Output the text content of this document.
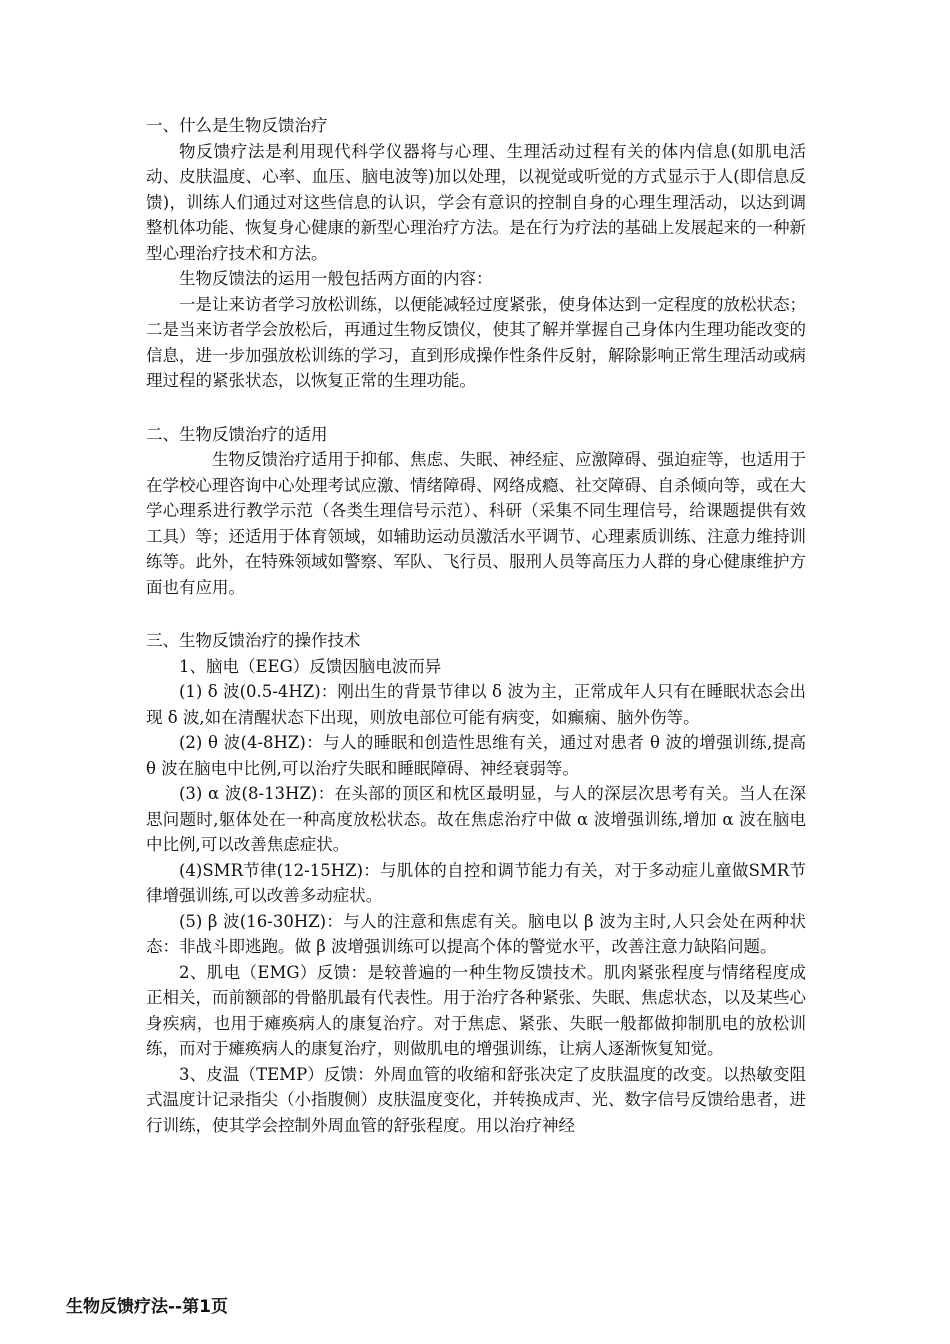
一、什么是生物反馈治疗

物反馈疗法是利用现代科学仪器将与心理、生理活动过程有关的体内信息(如肌电活动、皮肤温度、心率、血压、脑电波等)加以处理，以视觉或听觉的方式显示于人(即信息反馈)，训练人们通过对这些信息的认识，学会有意识的控制自身的心理生理活动，以达到调整机体功能、恢复身心健康的新型心理治疗方法。是在行为疗法的基础上发展起来的一种新型心理治疗技术和方法。

生物反馈法的运用一般包括两方面的内容：

一是让来访者学习放松训练，以便能减轻过度紧张，使身体达到一定程度的放松状态；二是当来访者学会放松后，再通过生物反馈仪，使其了解并掌握自己身体内生理功能改变的信息，进一步加强放松训练的学习，直到形成操作性条件反射，解除影响正常生理活动或病理过程的紧张状态，以恢复正常的生理功能。

二、生物反馈治疗的适用

生物反馈治疗适用于抑郁、焦虑、失眠、神经症、应激障碍、强迫症等，也适用于在学校心理咨询中心处理考试应激、情绪障碍、网络成瘾、社交障碍、自杀倾向等，或在大学心理系进行教学示范（各类生理信号示范）、科研（采集不同生理信号，给课题提供有效工具）等；还适用于体育领域，如辅助运动员激活水平调节、心理素质训练、注意力维持训练等。此外，在特殊领域如警察、军队、飞行员、服刑人员等高压力人群的身心健康维护方面也有应用。

三、生物反馈治疗的操作技术

1、脑电（EEG）反馈因脑电波而异

(1) δ 波(0.5-4HZ)：刚出生的背景节律以 δ 波为主，正常成年人只有在睡眠状态会出现 δ 波,如在清醒状态下出现，则放电部位可能有病变，如癫痫、脑外伤等。

(2) θ 波(4-8HZ)：与人的睡眠和创造性思维有关，通过对患者 θ 波的增强训练,提高 θ 波在脑电中比例,可以治疗失眠和睡眠障碍、神经衰弱等。

(3) α 波(8-13HZ)：在头部的顶区和枕区最明显，与人的深层次思考有关。当人在深思问题时,躯体处在一种高度放松状态。故在焦虑治疗中做 α 波增强训练,增加 α 波在脑电中比例,可以改善焦虑症状。

(4)SMR节律(12-15HZ)：与肌体的自控和调节能力有关，对于多动症儿童做SMR节律增强训练,可以改善多动症状。

(5) β 波(16-30HZ)：与人的注意和焦虑有关。脑电以 β 波为主时,人只会处在两种状态：非战斗即逃跑。做 β 波增强训练可以提高个体的警觉水平，改善注意力缺陷问题。

2、肌电（EMG）反馈：是较普遍的一种生物反馈技术。肌肉紧张程度与情绪程度成正相关，而前额部的骨骼肌最有代表性。用于治疗各种紧张、失眠、焦虑状态，以及某些心身疾病，也用于瘫痪病人的康复治疗。对于焦虑、紧张、失眠一般都做抑制肌电的放松训练，而对于瘫痪病人的康复治疗，则做肌电的增强训练，让病人逐渐恢复知觉。

3、皮温（TEMP）反馈：外周血管的收缩和舒张决定了皮肤温度的改变。以热敏变阻式温度计记录指尖（小指腹侧）皮肤温度变化，并转换成声、光、数字信号反馈给患者，进行训练，使其学会控制外周血管的舒张程度。用以治疗神经

生物反馈疗法--第1页
